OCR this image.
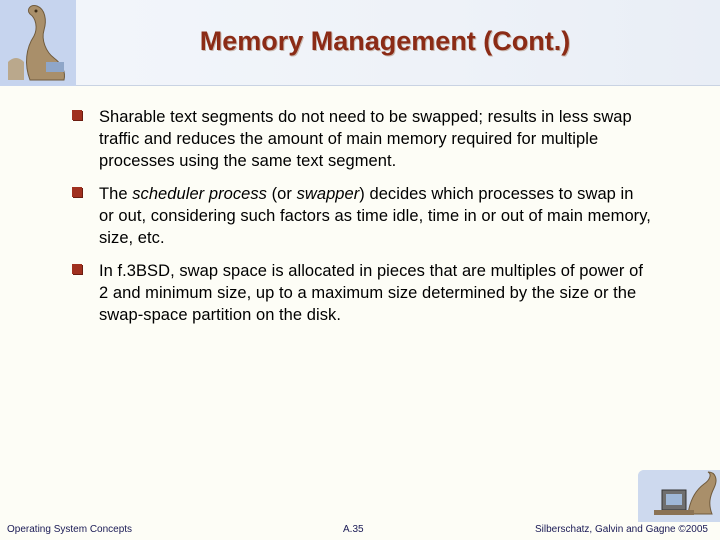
Memory Management (Cont.)
Sharable text segments do not need to be swapped; results in less swap traffic and reduces the amount of main memory required for multiple processes using the same text segment.
The scheduler process (or swapper) decides which processes to swap in or out, considering such factors as time idle, time in or out of main memory, size, etc.
In f.3BSD, swap space is allocated in pieces that are multiples of power of 2 and minimum size, up to a maximum size determined by the size or the swap-space partition on the disk.
Operating System Concepts	A.35	Silberschatz, Galvin and Gagne ©2005
